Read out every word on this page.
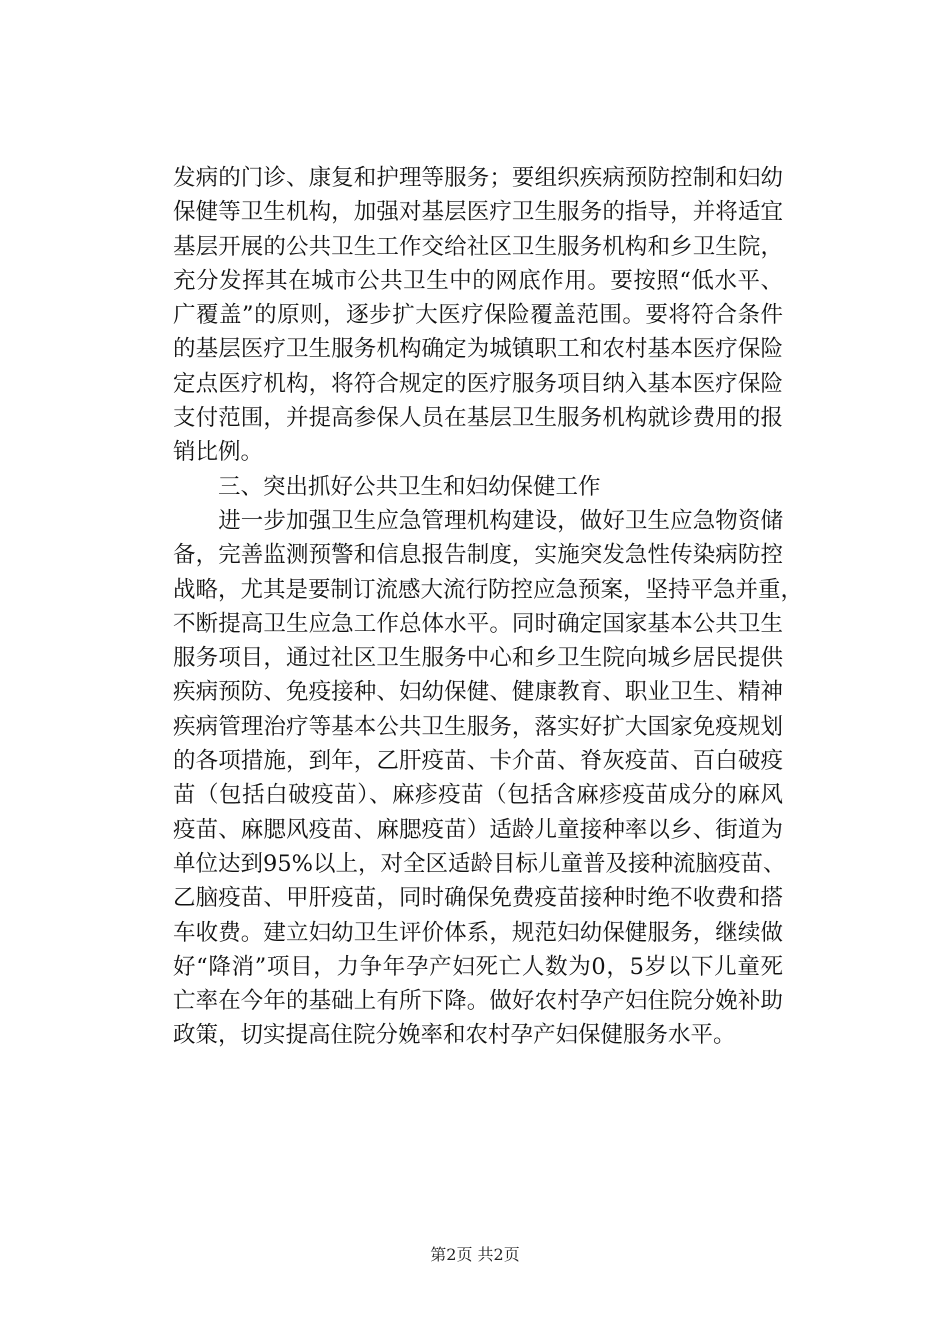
发病的门诊、康复和护理等服务；要组织疾病预防控制和妇幼
保健等卫生机构，加强对基层医疗卫生服务的指导，并将适宜
基层开展的公共卫生工作交给社区卫生服务机构和乡卫生院，
充分发挥其在城市公共卫生中的网底作用。要按照“低水平、
广覆盖”的原则，逐步扩大医疗保险覆盖范围。要将符合条件
的基层医疗卫生服务机构确定为城镇职工和农村基本医疗保险
定点医疗机构，将符合规定的医疗服务项目纳入基本医疗保险
支付范围，并提高参保人员在基层卫生服务机构就诊费用的报
销比例。
　　三、突出抓好公共卫生和妇幼保健工作
　　进一步加强卫生应急管理机构建设，做好卫生应急物资储
备，完善监测预警和信息报告制度，实施突发急性传染病防控
战略，尤其是要制订流感大流行防控应急预案，坚持平急并重，
不断提高卫生应急工作总体水平。同时确定国家基本公共卫生
服务项目，通过社区卫生服务中心和乡卫生院向城乡居民提供
疾病预防、免疫接种、妇幼保健、健康教育、职业卫生、精神
疾病管理治疗等基本公共卫生服务，落实好扩大国家免疫规划
的各项措施，到年，乙肝疫苗、卡介苗、脊灰疫苗、百白破疫
苗（包括白破疫苗）、麻疹疫苗（包括含麻疹疫苗成分的麻风
疫苗、麻腮风疫苗、麻腮疫苗）适龄儿童接种率以乡、街道为
单位达到95%以上，对全区适龄目标儿童普及接种流脑疫苗、
乙脑疫苗、甲肝疫苗，同时确保免费疫苗接种时绝不收费和搭
车收费。建立妇幼卫生评价体系，规范妇幼保健服务，继续做
好“降消”项目，力争年孕产妇死亡人数为0，5岁以下儿童死
亡率在今年的基础上有所下降。做好农村孕产妇住院分娩补助
政策，切实提高住院分娩率和农村孕产妇保健服务水平。
第2页 共2页
